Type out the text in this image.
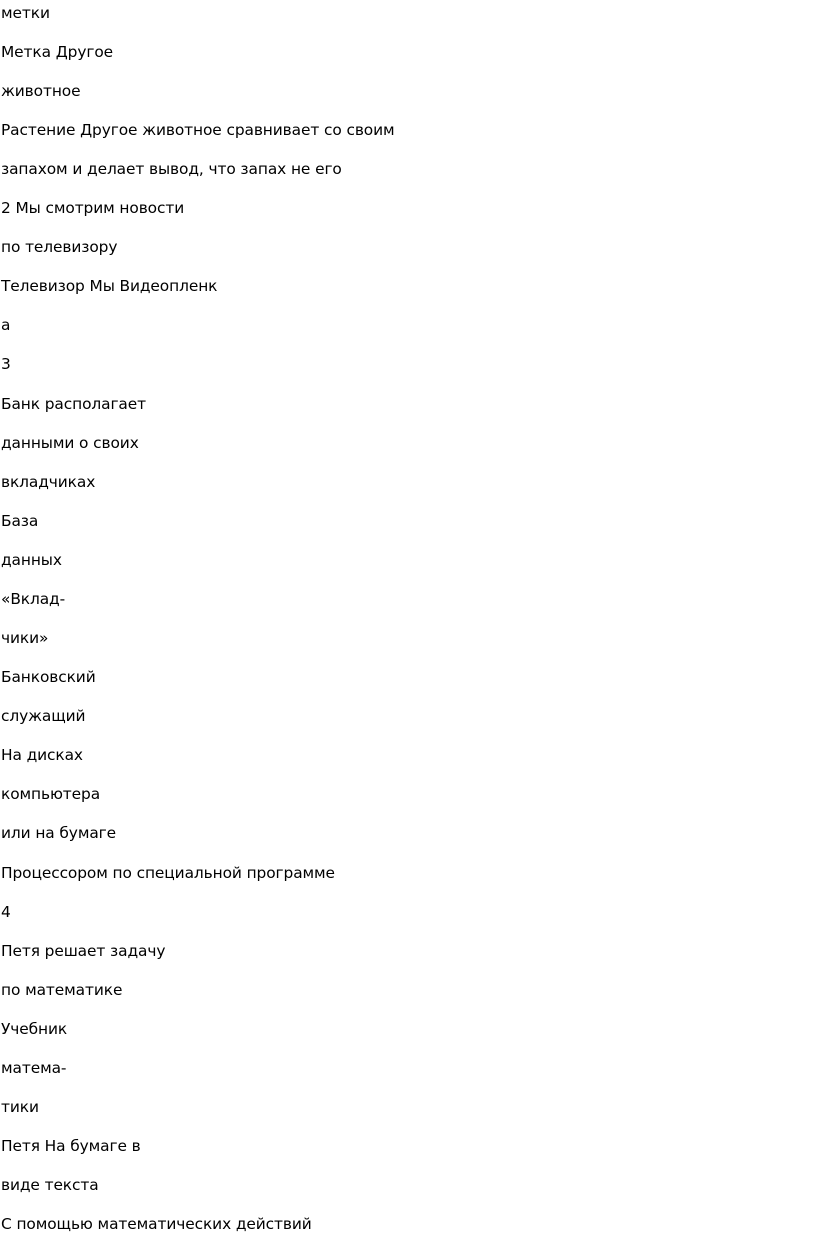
метки
Метка Другое
животное
Растение Другое животное сравнивает со своим
запахом и делает вывод, что запах не его
2 Мы смотрим новости
по телевизору
Телевизор Мы Видеопленк
а
3
Банк располагает
данными о своих
вкладчиках
База
данных
«Вклад-
чики»
Банковский
служащий
На дисках
компьютера
или на бумаге
Процессором по специальной программе
4
Петя решает задачу
по математике
Учебник
матема-
тики
Петя На бумаге в
виде текста
С помощью математических действий
